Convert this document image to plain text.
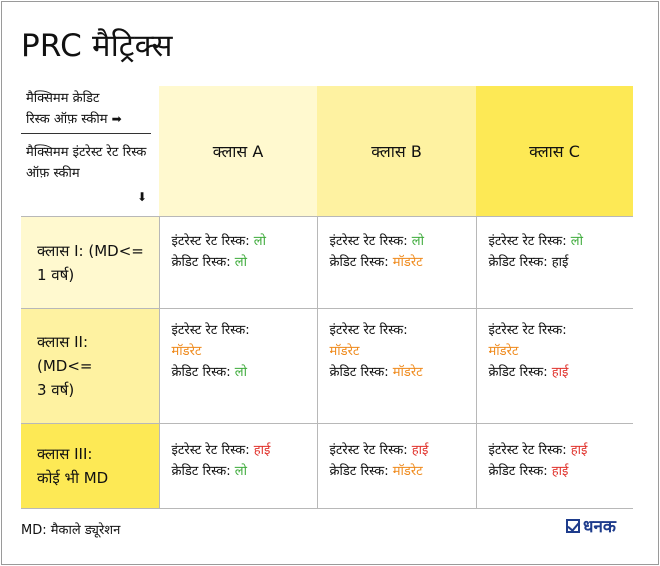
PRC मैट्रिक्स
मैक्सिमम क्रेडिट
रिस्क ऑफ़ स्कीम ➡
मैक्सिमम इंटरेस्ट रेट रिस्क ऑफ़ स्कीम
⬇	क्लास A	क्लास B	क्लास C
क्लास I: (MD<=
1 वर्ष)	इंटरेस्ट रेट रिस्क: लो
क्रेडिट रिस्क: लो	इंटरेस्ट रेट रिस्क: लो
क्रेडिट रिस्क: मॉडरेट	इंटरेस्ट रेट रिस्क: लो
क्रेडिट रिस्क: हाई

क्लास II:
(MD<=
3 वर्ष)	इंटरेस्ट रेट रिस्क:
मॉडरेट
क्रेडिट रिस्क: लो	इंटरेस्ट रेट रिस्क:
मॉडरेट
क्रेडिट रिस्क: मॉडरेट	इंटरेस्ट रेट रिस्क:
मॉडरेट
क्रेडिट रिस्क: हाई

क्लास III:
कोई भी MD	इंटरेस्ट रेट रिस्क: हाई
क्रेडिट रिस्क: लो	इंटरेस्ट रेट रिस्क: हाई
क्रेडिट रिस्क: मॉडरेट	इंटरेस्ट रेट रिस्क: हाई
क्रेडिट रिस्क: हाई

MD: मैकाले ड्यूरेशन	धनक
